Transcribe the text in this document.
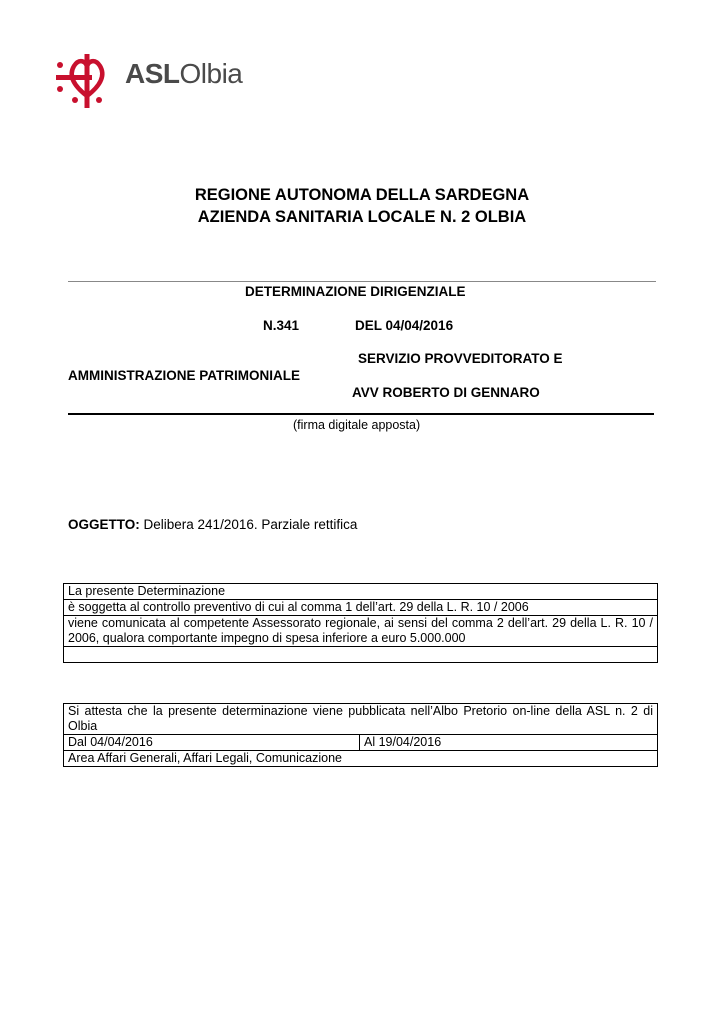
ASLOlbia
REGIONE AUTONOMA DELLA SARDEGNA
AZIENDA SANITARIA LOCALE N. 2 OLBIA
DETERMINAZIONE DIRIGENZIALE
N.341	DEL 04/04/2016
SERVIZIO PROVVEDITORATO E
AMMINISTRAZIONE PATRIMONIALE
AVV ROBERTO DI GENNARO
(firma digitale apposta)
OGGETTO: Delibera 241/2016. Parziale rettifica
La presente Determinazione
è soggetta al controllo preventivo di cui al comma 1 dell’art. 29 della L. R. 10 / 2006
viene comunicata al competente Assessorato regionale, ai sensi del comma 2 dell’art. 29 della L. R. 10 / 2006, qualora comportante impegno di spesa inferiore a euro 5.000.000

Si attesta che la presente determinazione viene pubblicata nell’Albo Pretorio on-line della ASL n. 2 di Olbia
Dal 04/04/2016	Al 19/04/2016
Area Affari Generali, Affari Legali, Comunicazione
